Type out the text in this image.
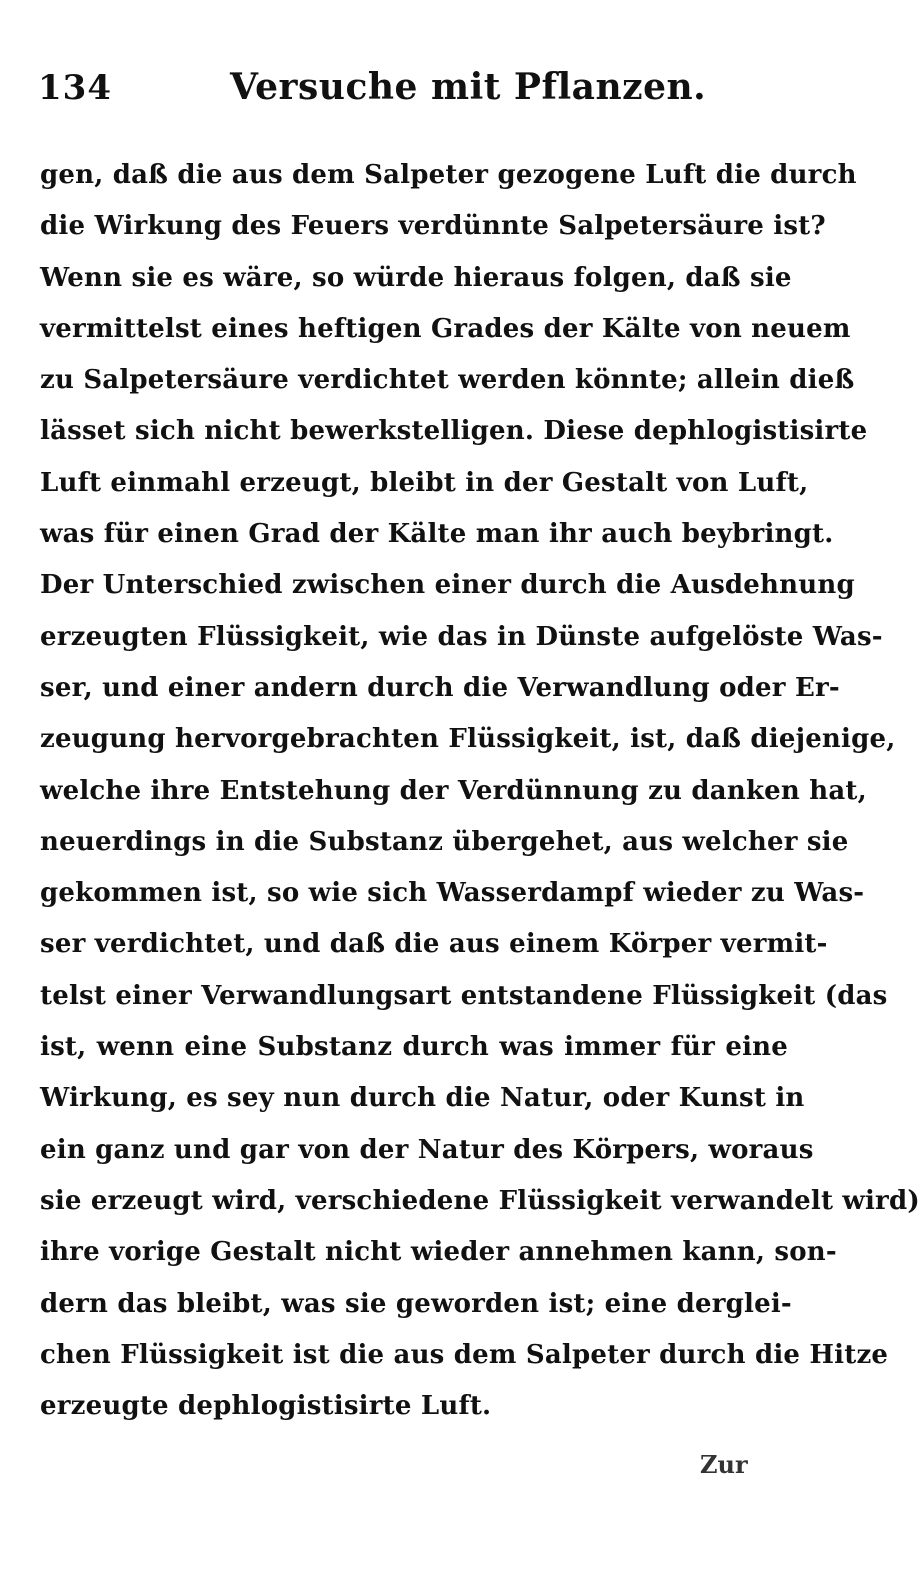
134	Versuche mit Pflanzen.
gen, daß die aus dem Salpeter gezogene Luft die durch
die Wirkung des Feuers verdünnte Salpetersäure ist?
Wenn sie es wäre, so würde hieraus folgen, daß sie
vermittelst eines heftigen Grades der Kälte von neuem
zu Salpetersäure verdichtet werden könnte; allein dieß
lässet sich nicht bewerkstelligen. Diese dephlogistisirte
Luft einmahl erzeugt, bleibt in der Gestalt von Luft,
was für einen Grad der Kälte man ihr auch beybringt.
Der Unterschied zwischen einer durch die Ausdehnung
erzeugten Flüssigkeit, wie das in Dünste aufgelöste Was-
ser, und einer andern durch die Verwandlung oder Er-
zeugung hervorgebrachten Flüssigkeit, ist, daß diejenige,
welche ihre Entstehung der Verdünnung zu danken hat,
neuerdings in die Substanz übergehet, aus welcher sie
gekommen ist, so wie sich Wasserdampf wieder zu Was-
ser verdichtet, und daß die aus einem Körper vermit-
telst einer Verwandlungsart entstandene Flüssigkeit (das
ist, wenn eine Substanz durch was immer für eine
Wirkung, es sey nun durch die Natur, oder Kunst in
ein ganz und gar von der Natur des Körpers, woraus
sie erzeugt wird, verschiedene Flüssigkeit verwandelt wird)
ihre vorige Gestalt nicht wieder annehmen kann, son-
dern das bleibt, was sie geworden ist; eine derglei-
chen Flüssigkeit ist die aus dem Salpeter durch die Hitze
erzeugte dephlogistisirte Luft.
Zur
